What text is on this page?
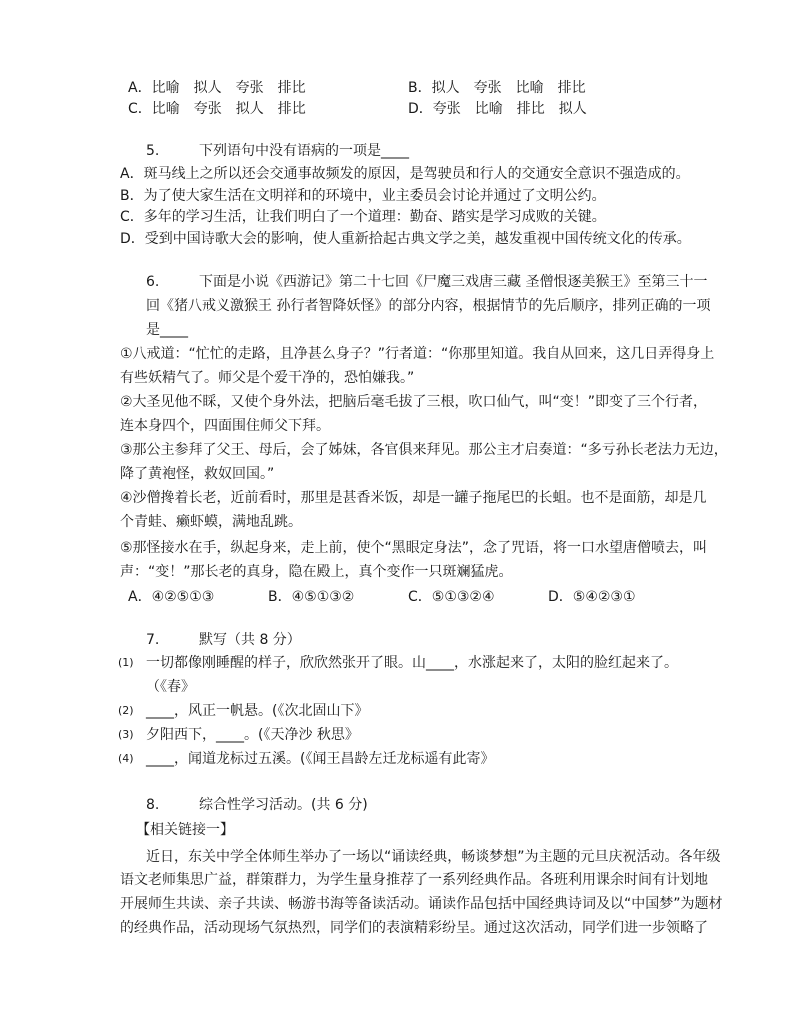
A．比喻　拟人　夸张　排比	B．拟人　夸张　比喻　排比
C．比喻　夸张　拟人　排比	D．夸张　比喻　排比　拟人
5.	下列语句中没有语病的一项是____
A．斑马线上之所以还会交通事故频发的原因，是驾驶员和行人的交通安全意识不强造成的。
B．为了使大家生活在文明祥和的环境中，业主委员会讨论并通过了文明公约。
C．多年的学习生活，让我们明白了一个道理：勤奋、踏实是学习成败的关键。
D．受到中国诗歌大会的影响，使人重新拾起古典文学之美，越发重视中国传统文化的传承。
6.	下面是小说《西游记》第二十七回《尸魔三戏唐三藏 圣僧恨逐美猴王》至第三十一
回《猪八戒义激猴王 孙行者智降妖怪》的部分内容，根据情节的先后顺序，排列正确的一项
是____
①八戒道：“忙忙的走路，且净甚么身子？”行者道：“你那里知道。我自从回来，这几日弄得身上
有些妖精气了。师父是个爱干净的，恐怕嫌我。”
②大圣见他不睬，又使个身外法，把脑后毫毛拔了三根，吹口仙气，叫“变！”即变了三个行者，
连本身四个，四面围住师父下拜。
③那公主参拜了父王、母后，会了姊妹，各官俱来拜见。那公主才启奏道：“多亏孙长老法力无边，
降了黄袍怪，救奴回国。”
④沙僧搀着长老，近前看时，那里是甚香米饭，却是一罐子拖尾巴的长蛆。也不是面筋，却是几
个青蛙、癞虾蟆，满地乱跳。
⑤那怪接水在手，纵起身来，走上前，使个“黑眼定身法”，念了咒语，将一口水望唐僧喷去，叫
声：“变！”那长老的真身，隐在殿上，真个变作一只斑斓猛虎。
A．④②⑤①③	B．④⑤①③②	C．⑤①③②④	D．⑤④②③①
7.	默写（共 8 分）
(1) 一切都像刚睡醒的样子，欣欣然张开了眼。山____，水涨起来了，太阳的脸红起来了。
（《春》
(2) ____，风正一帆悬。(《次北固山下》
(3) 夕阳西下，____。(《天净沙 秋思》
(4) ____，闻道龙标过五溪。(《闻王昌龄左迁龙标遥有此寄》
8.	综合性学习活动。(共 6 分)
【相关链接一】
近日，东关中学全体师生举办了一场以“诵读经典，畅谈梦想”为主题的元旦庆祝活动。各年级
语文老师集思广益，群策群力，为学生量身推荐了一系列经典作品。各班利用课余时间有计划地
开展师生共读、亲子共读、畅游书海等备读活动。诵读作品包括中国经典诗词及以“中国梦”为题材
的经典作品，活动现场气氛热烈，同学们的表演精彩纷呈。通过这次活动，同学们进一步领略了
